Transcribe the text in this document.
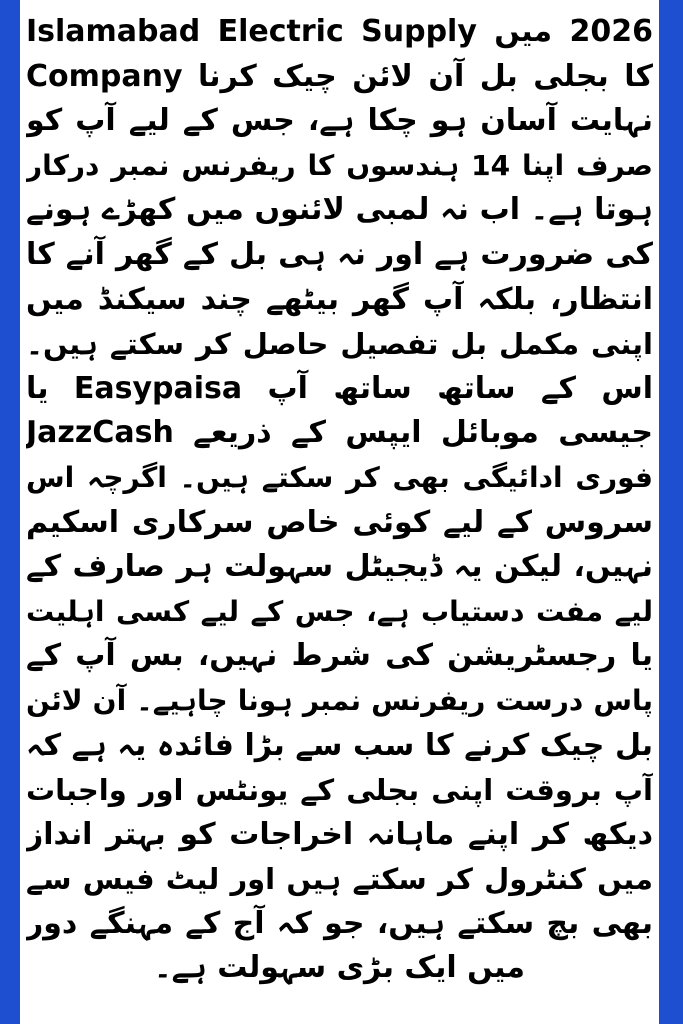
2026 میں Islamabad Electric Supply
Company کا بجلی بل آن لائن چیک کرنا
نہایت آسان ہو چکا ہے، جس کے لیے آپ کو
صرف اپنا 14 ہندسوں کا ریفرنس نمبر درکار
ہوتا ہے۔ اب نہ لمبی لائنوں میں کھڑے ہونے
کی ضرورت ہے اور نہ ہی بل کے گھر آنے کا
انتظار، بلکہ آپ گھر بیٹھے چند سیکنڈ میں
اپنی مکمل بل تفصیل حاصل کر سکتے ہیں۔
اس کے ساتھ ساتھ آپ Easypaisa یا
JazzCash جیسی موبائل ایپس کے ذریعے
فوری ادائیگی بھی کر سکتے ہیں۔ اگرچہ اس
سروس کے لیے کوئی خاص سرکاری اسکیم
نہیں، لیکن یہ ڈیجیٹل سہولت ہر صارف کے
لیے مفت دستیاب ہے، جس کے لیے کسی اہلیت
یا رجسٹریشن کی شرط نہیں، بس آپ کے
پاس درست ریفرنس نمبر ہونا چاہیے۔ آن لائن
بل چیک کرنے کا سب سے بڑا فائدہ یہ ہے کہ
آپ بروقت اپنی بجلی کے یونٹس اور واجبات
دیکھ کر اپنے ماہانہ اخراجات کو بہتر انداز
میں کنٹرول کر سکتے ہیں اور لیٹ فیس سے
بھی بچ سکتے ہیں، جو کہ آج کے مہنگے دور
میں ایک بڑی سہولت ہے۔
